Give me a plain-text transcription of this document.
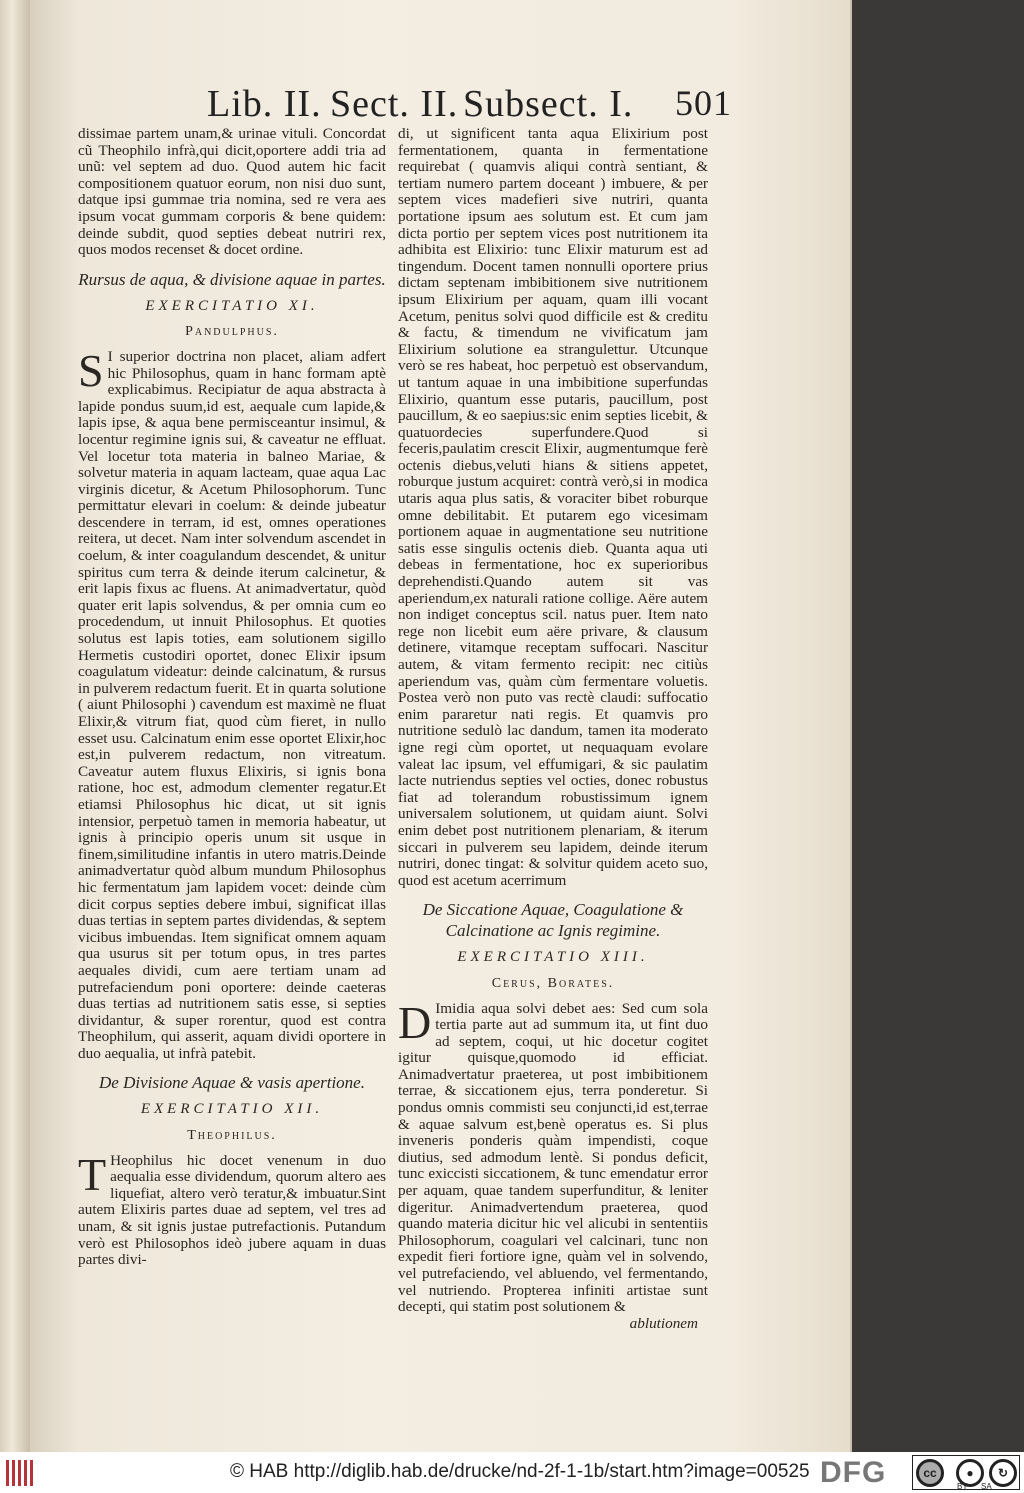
Lib. II. Sect. II. Subsect. I. 501

dissimae partem unam,& urinae vituli. Concordat cũ Theophilo infrà,qui dicit,oportere addi tria ad unũ: vel septem ad duo. Quod autem hic facit compositionem quatuor eorum, non nisi duo sunt, datque ipsi gummae tria nomina, sed re vera aes ipsum vocat gummam corporis & bene quidem: deinde subdit, quod septies debeat nutriri rex, quos modos recenset & docet ordine.

Rursus de aqua, & divisione aquae in partes.
EXERCITATIO XI.
Pandulphus.

S I superior doctrina non placet, aliam adfert hic Philosophus, quam in hanc formam aptè explicabimus. Recipiatur de aqua abstracta à lapide pondus suum,id est, aequale cum lapide,& lapis ipse, & aqua bene permisceantur insimul, & locentur regimine ignis sui, & caveatur ne effluat. Vel locetur tota materia in balneo Mariae, & solvetur materia in aquam lacteam, quae aqua Lac virginis dicetur, & Acetum Philosophorum. Tunc permittatur elevari in coelum: & deinde jubeatur descendere in terram, id est, omnes operationes reitera, ut decet. Nam inter solvendum ascendet in coelum, & inter coagulandum descendet, & unitur spiritus cum terra & deinde iterum calcinetur, & erit lapis fixus ac fluens. At animadvertatur, quòd quater erit lapis solvendus, & per omnia cum eo procedendum, ut innuit Philosophus. Et quoties solutus est lapis toties, eam solutionem sigillo Hermetis custodiri oportet, donec Elixir ipsum coagulatum videatur: deinde calcinatum, & rursus in pulverem redactum fuerit. Et in quarta solutione ( aiunt Philosophi ) cavendum est maximè ne fluat Elixir,& vitrum fiat, quod cùm fieret, in nullo esset usu. Calcinatum enim esse oportet Elixir,hoc est,in pulverem redactum, non vitreatum. Caveatur autem fluxus Elixiris, si ignis bona ratione, hoc est, admodum clementer regatur.Et etiamsi Philosophus hic dicat, ut sit ignis intensior, perpetuò tamen in memoria habeatur, ut ignis à principio operis unum sit usque in finem,similitudine infantis in utero matris.Deinde animadvertatur quòd album mundum Philosophus hic fermentatum jam lapidem vocet: deinde cùm dicit corpus septies debere imbui, significat illas duas tertias in septem partes dividendas, & septem vicibus imbuendas. Item significat omnem aquam qua usurus sit per totum opus, in tres partes aequales dividi, cum aere tertiam unam ad putrefaciendum poni oportere: deinde caeteras duas tertias ad nutritionem satis esse, si septies dividantur, & super rorentur, quod est contra Theophilum, qui asserit, aquam dividi oportere in duo aequalia, ut infrà patebit.

De Divisione Aquae & vasis apertione.
EXERCITATIO XII.
Theophilus.

T Heophilus hic docet venenum in duo aequalia esse dividendum, quorum altero aes liquefiat, altero verò teratur,& imbuatur.Sint autem Elixiris partes duae ad septem, vel tres ad unam, & sit ignis justae putrefactionis. Putandum verò est Philosophos ideò jubere aquam in duas partes divi-

di, ut significent tanta aqua Elixirium post fermentationem, quanta in fermentatione requirebat ( quamvis aliqui contrà sentiant, & tertiam numero partem doceant ) imbuere, & per septem vices madefieri sive nutriri, quanta portatione ipsum aes solutum est. Et cum jam dicta portio per septem vices post nutritionem ita adhibita est Elixirio: tunc Elixir maturum est ad tingendum. Docent tamen nonnulli oportere prius dictam septenam imbibitionem sive nutritionem ipsum Elixirium per aquam, quam illi vocant Acetum, penitus solvi quod difficile est & creditu & factu, & timendum ne vivificatum jam Elixirium solutione ea strangulettur. Utcunque verò se res habeat, hoc perpetuò est observandum, ut tantum aquae in una imbibitione superfundas Elixirio, quantum esse putaris, paucillum, post paucillum, & eo saepius:sic enim septies licebit, & quatuordecies superfundere.Quod si feceris,paulatim crescit Elixir, augmentumque ferè octenis diebus,veluti hians & sitiens appetet, roburque justum acquiret: contrà verò,si in modica utaris aqua plus satis, & voraciter bibet roburque omne debilitabit. Et putarem ego vicesimam portionem aquae in augmentatione seu nutritione satis esse singulis octenis dieb. Quanta aqua uti debeas in fermentatione, hoc ex superioribus deprehendisti.Quando autem sit vas aperiendum,ex naturali ratione collige. Aëre autem non indiget conceptus scil. natus puer. Item nato rege non licebit eum aëre privare, & clausum detinere, vitamque receptam suffocari. Nascitur autem, & vitam fermento recipit: nec citiùs aperiendum vas, quàm cùm fermentare voluetis. Postea verò non puto vas rectè claudi: suffocatio enim pararetur nati regis. Et quamvis pro nutritione sedulò lac dandum, tamen ita moderato igne regi cùm oportet, ut nequaquam evolare valeat lac ipsum, vel effumigari, & sic paulatim lacte nutriendus septies vel octies, donec robustus fiat ad tolerandum robustissimum ignem universalem solutionem, ut quidam aiunt. Solvi enim debet post nutritionem plenariam, & iterum siccari in pulverem seu lapidem, deinde iterum nutriri, donec tingat: & solvitur quidem aceto suo, quod est acetum acerrimum

De Siccatione Aquae, Coagulatione & Calcinatione ac Ignis regimine.
EXERCITATIO XIII.
Cerus, Borates.

D Imidia aqua solvi debet aes: Sed cum sola tertia parte aut ad summum ita, ut fint duo ad septem, coqui, ut hic docetur cogitet igitur quisque,quomodo id efficiat. Animadvertatur praeterea, ut post imbibitionem terrae, & siccationem ejus, terra ponderetur. Si pondus omnis commisti seu conjuncti,id est,terrae & aquae salvum est,benè operatus es. Si plus inveneris ponderis quàm impendisti, coque diutius, sed admodum lentè. Si pondus deficit, tunc exiccisti siccationem, & tunc emendatur error per aquam, quae tandem superfunditur, & leniter digeritur. Animadvertendum praeterea, quod quando materia dicitur hic vel alicubi in sententiis Philosophorum, coagulari vel calcinari, tunc non expedit fieri fortiore igne, quàm vel in solvendo, vel putrefaciendo, vel abluendo, vel fermentando, vel nutriendo. Propterea infiniti artistae sunt decepti, qui statim post solutionem &

ablutionem
© HAB http://diglib.hab.de/drucke/nd-2f-1-1b/start.htm?image=00525 DFG	cc	●	↻
BY SA
